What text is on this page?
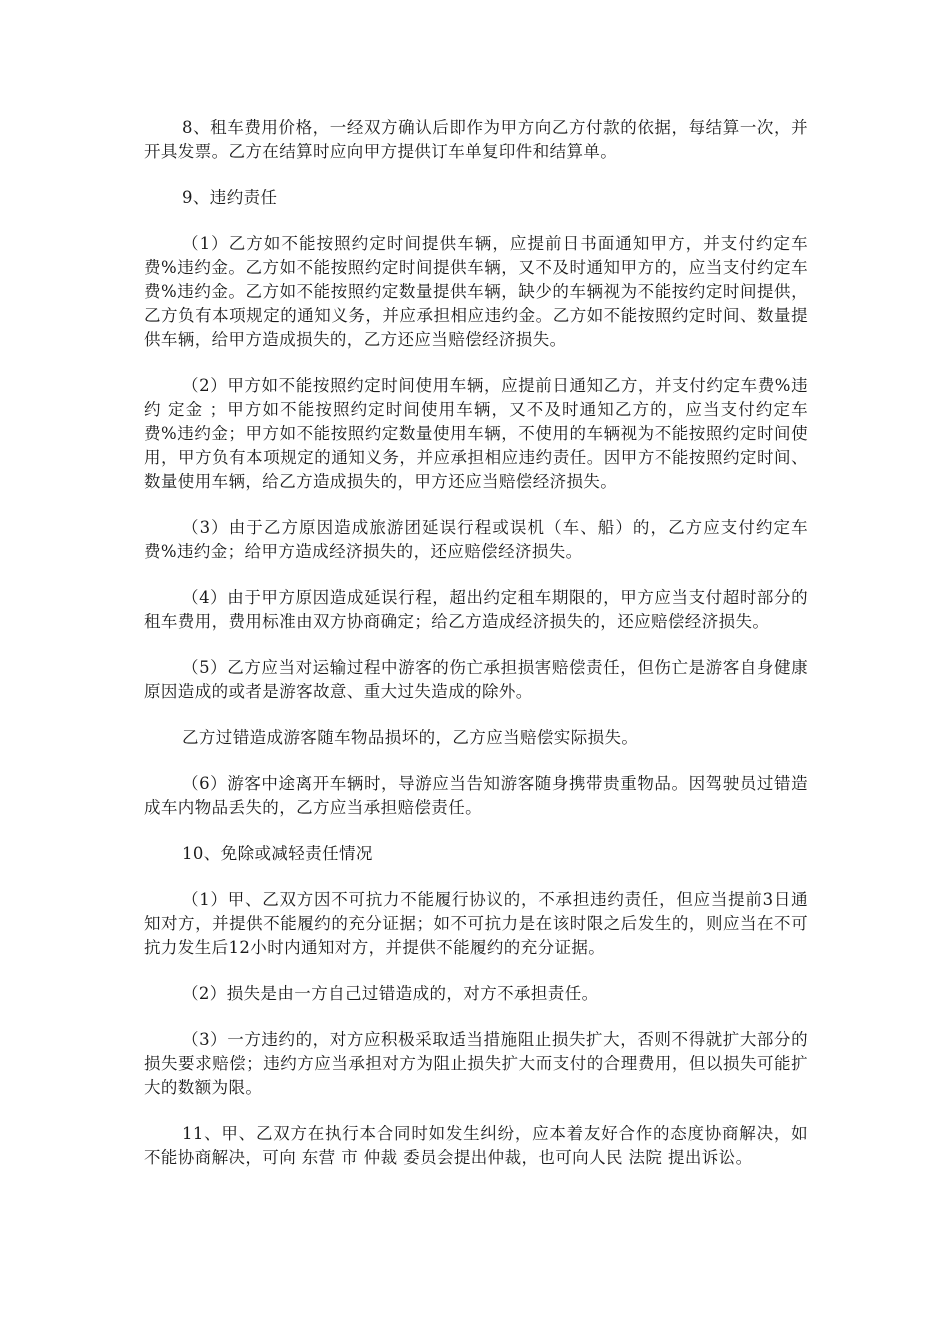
8、租车费用价格，一经双方确认后即作为甲方向乙方付款的依据，每结算一次，并开具发票。乙方在结算时应向甲方提供订车单复印件和结算单。

9、违约责任

（1）乙方如不能按照约定时间提供车辆，应提前日书面通知甲方，并支付约定车费%违约金。乙方如不能按照约定时间提供车辆，又不及时通知甲方的，应当支付约定车费%违约金。乙方如不能按照约定数量提供车辆，缺少的车辆视为不能按约定时间提供，乙方负有本项规定的通知义务，并应承担相应违约金。乙方如不能按照约定时间、数量提供车辆，给甲方造成损失的，乙方还应当赔偿经济损失。

（2）甲方如不能按照约定时间使用车辆，应提前日通知乙方，并支付约定车费%违约 定金 ；甲方如不能按照约定时间使用车辆，又不及时通知乙方的，应当支付约定车费%违约金；甲方如不能按照约定数量使用车辆，不使用的车辆视为不能按照约定时间使用，甲方负有本项规定的通知义务，并应承担相应违约责任。因甲方不能按照约定时间、数量使用车辆，给乙方造成损失的，甲方还应当赔偿经济损失。

（3）由于乙方原因造成旅游团延误行程或误机（车、船）的，乙方应支付约定车费%违约金；给甲方造成经济损失的，还应赔偿经济损失。

（4）由于甲方原因造成延误行程，超出约定租车期限的，甲方应当支付超时部分的租车费用，费用标准由双方协商确定；给乙方造成经济损失的，还应赔偿经济损失。

（5）乙方应当对运输过程中游客的伤亡承担损害赔偿责任，但伤亡是游客自身健康原因造成的或者是游客故意、重大过失造成的除外。

乙方过错造成游客随车物品损坏的，乙方应当赔偿实际损失。

（6）游客中途离开车辆时，导游应当告知游客随身携带贵重物品。因驾驶员过错造成车内物品丢失的，乙方应当承担赔偿责任。

10、免除或减轻责任情况

（1）甲、乙双方因不可抗力不能履行协议的，不承担违约责任，但应当提前3日通知对方，并提供不能履约的充分证据；如不可抗力是在该时限之后发生的，则应当在不可抗力发生后12小时内通知对方，并提供不能履约的充分证据。

（2）损失是由一方自己过错造成的，对方不承担责任。

（3）一方违约的，对方应积极采取适当措施阻止损失扩大，否则不得就扩大部分的损失要求赔偿；违约方应当承担对方为阻止损失扩大而支付的合理费用，但以损失可能扩大的数额为限。

11、甲、乙双方在执行本合同时如发生纠纷，应本着友好合作的态度协商解决，如不能协商解决，可向 东营 市 仲裁 委员会提出仲裁，也可向人民 法院 提出诉讼。
